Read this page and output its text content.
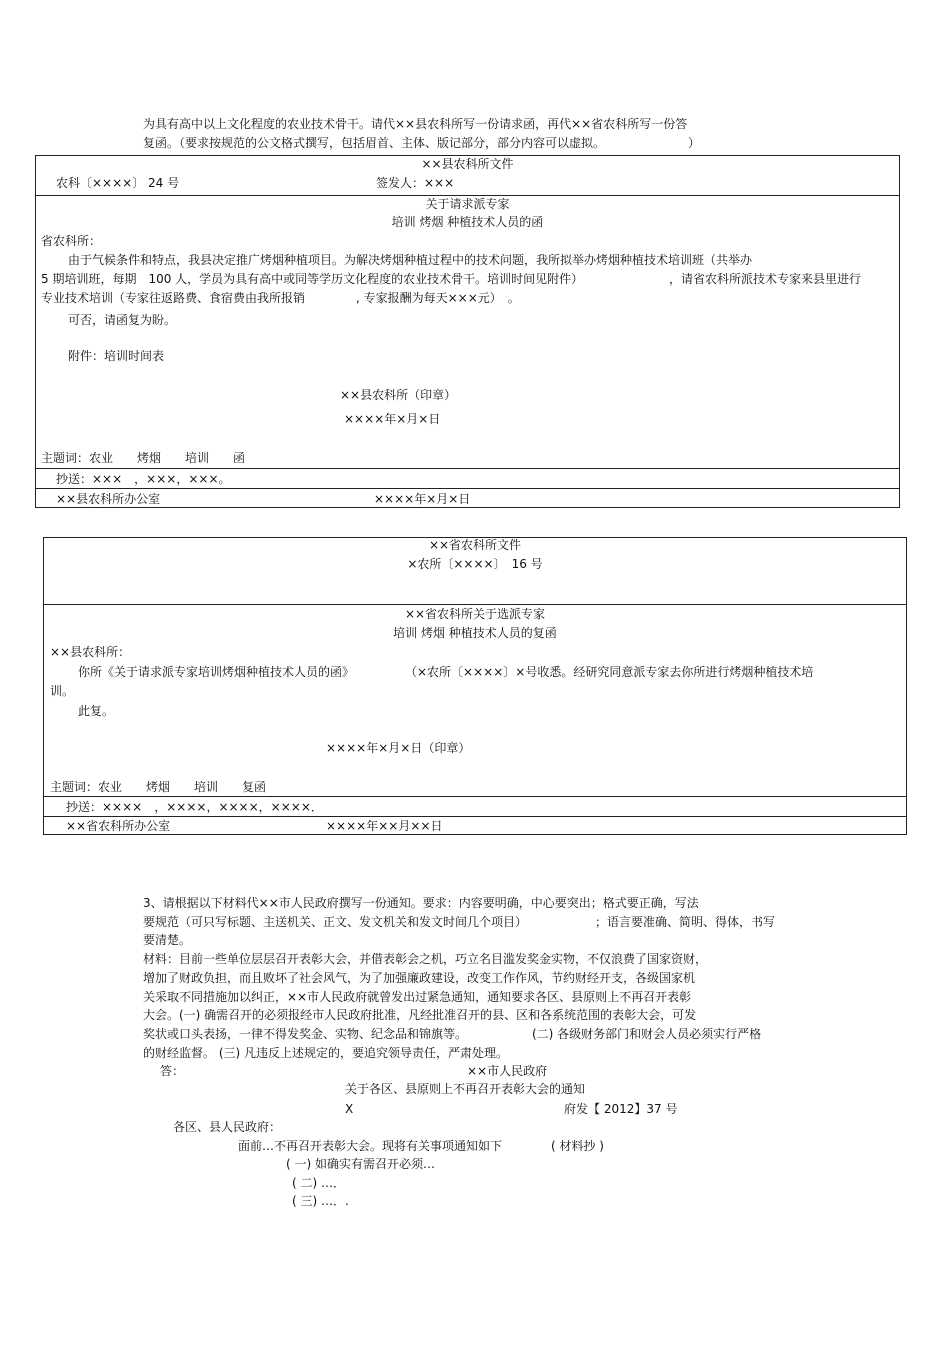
为具有高中以上文化程度的农业技术骨干。请代××县农科所写一份请求函，再代××省农科所写一份答
复函。（要求按规范的公文格式撰写，包括眉首、主体、版记部分，部分内容可以虚拟。	）
××县农科所文件
农科〔××××〕 24 号	签发人：×××
关于请求派专家
培训 烤烟 种植技术人员的函
省农科所：
由于气候条件和特点，我县决定推广烤烟种植项目。为解决烤烟种植过程中的技术问题，我所拟举办烤烟种植技术培训班（共举办
5 期培训班，每期　100 人，学员为具有高中或同等学历文化程度的农业技术骨干。培训时间见附件）	，请省农科所派技术专家来县里进行
专业技术培训（专家往返路费、食宿费由我所报销	, 专家报酬为每天×××元）　。
可否，请函复为盼。
附件：培训时间表
××县农科所（印章）
××××年×月×日
主题词：农业　　烤烟　　培训　　函
抄送：×××　，×××，×××。
××县农科所办公室	××××年×月×日
××省农科所文件
×农所〔××××〕　16 号
××省农科所关于选派专家
培训 烤烟 种植技术人员的复函
××县农科所：
你所《关于请求派专家培训烤烟种植技术人员的函》	（×农所〔××××〕×号收悉。经研究同意派专家去你所进行烤烟种植技术培
训。
此复。
××××年×月×日（印章）
主题词：农业　　烤烟　　培训　　复函
抄送：××××　，××××，××××，××××．
××省农科所办公室	××××年××月××日
3、请根据以下材料代××市人民政府撰写一份通知。要求：内容要明确，中心要突出；格式要正确，写法
要规范（可只写标题、主送机关、正文、发文机关和发文时间几个项目）	；语言要准确、简明、得体，书写
要清楚。
材料：目前一些单位层层召开表彰大会，并借表彰会之机，巧立名目滥发奖金实物，不仅浪费了国家资财，
增加了财政负担，而且败坏了社会风气，为了加强廉政建设，改变工作作风，节约财经开支，各级国家机
关采取不同措施加以纠正，××市人民政府就曾发出过紧急通知，通知要求各区、县原则上不再召开表彰
大会。(一) 确需召开的必须报经市人民政府批准，凡经批准召开的县、区和各系统范围的表彰大会，可发
奖状或口头表扬，一律不得发奖金、实物、纪念品和锦旗等。	(二) 各级财务部门和财会人员必须实行严格
的财经监督。 (三) 凡违反上述规定的，要追究领导责任，严肃处理。
答：	××市人民政府
关于各区、县原则上不再召开表彰大会的通知
X	府发【 2012】37 号
各区、县人民政府：
面前…不再召开表彰大会。现将有关事项通知如下	( 材料抄 )
( 一) 如确实有需召开必须…
( 二) …．
( 三) …．.
